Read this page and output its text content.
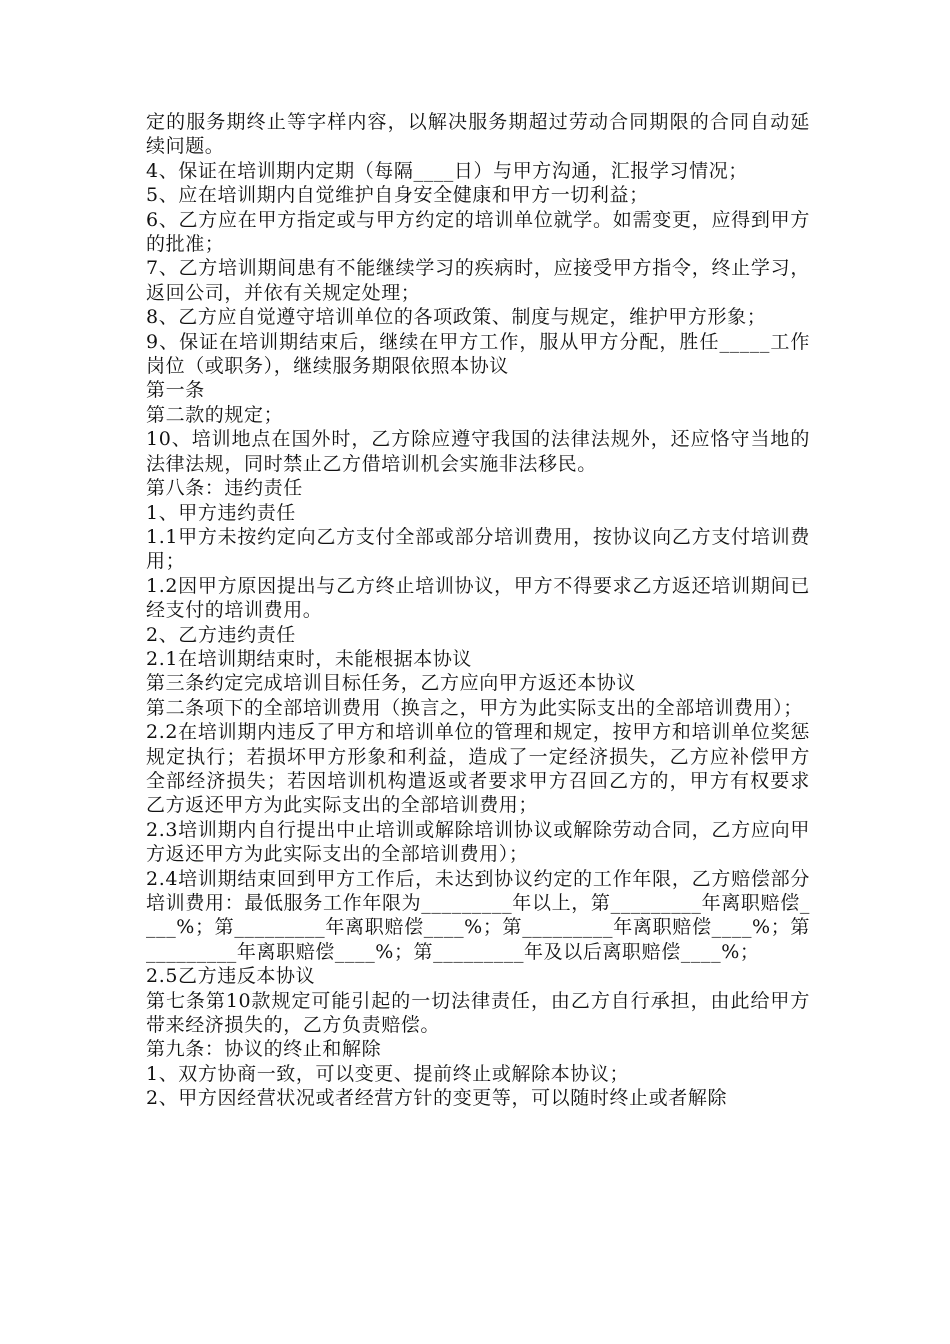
定的服务期终止等字样内容，以解决服务期超过劳动合同期限的合同自动延续问题。

4、保证在培训期内定期（每隔____日）与甲方沟通，汇报学习情况；

5、应在培训期内自觉维护自身安全健康和甲方一切利益；

6、乙方应在甲方指定或与甲方约定的培训单位就学。如需变更，应得到甲方的批准；

7、乙方培训期间患有不能继续学习的疾病时，应接受甲方指令，终止学习，返回公司，并依有关规定处理；

8、乙方应自觉遵守培训单位的各项政策、制度与规定，维护甲方形象；

9、保证在培训期结束后，继续在甲方工作，服从甲方分配，胜任_____工作岗位（或职务），继续服务期限依照本协议

第一条

第二款的规定；

10、培训地点在国外时，乙方除应遵守我国的法律法规外，还应恪守当地的法律法规，同时禁止乙方借培训机会实施非法移民。

第八条：违约责任

1、甲方违约责任

1.1甲方未按约定向乙方支付全部或部分培训费用，按协议向乙方支付培训费用；

1.2因甲方原因提出与乙方终止培训协议，甲方不得要求乙方返还培训期间已经支付的培训费用。

2、乙方违约责任

2.1在培训期结束时，未能根据本协议

第三条约定完成培训目标任务，乙方应向甲方返还本协议

第二条项下的全部培训费用（换言之，甲方为此实际支出的全部培训费用）；

2.2在培训期内违反了甲方和培训单位的管理和规定，按甲方和培训单位奖惩规定执行；若损坏甲方形象和利益，造成了一定经济损失，乙方应补偿甲方全部经济损失；若因培训机构遣返或者要求甲方召回乙方的，甲方有权要求乙方返还甲方为此实际支出的全部培训费用；

2.3培训期内自行提出中止培训或解除培训协议或解除劳动合同，乙方应向甲方返还甲方为此实际支出的全部培训费用）；

2.4培训期结束回到甲方工作后，未达到协议约定的工作年限，乙方赔偿部分培训费用：最低服务工作年限为_________年以上，第_________年离职赔偿____%；第_________年离职赔偿____%；第_________年离职赔偿____%；第_________年离职赔偿____%；第_________年及以后离职赔偿____%；

2.5乙方违反本协议

第七条第10款规定可能引起的一切法律责任，由乙方自行承担，由此给甲方带来经济损失的，乙方负责赔偿。

第九条：协议的终止和解除

1、双方协商一致，可以变更、提前终止或解除本协议；

2、甲方因经营状况或者经营方针的变更等，可以随时终止或者解除
